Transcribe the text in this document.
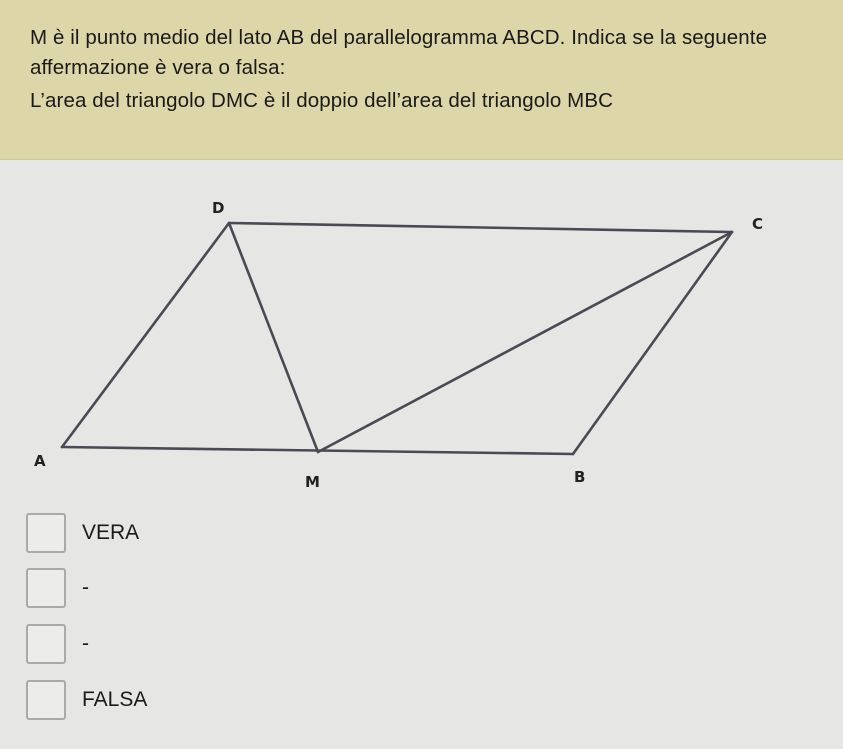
M è il punto medio del lato AB del parallelogramma ABCD. Indica se la seguente
affermazione è vera o falsa:
L’area del triangolo DMC è il doppio dell’area del triangolo MBC
D
C
A
M	B
VERA
-
-
FALSA
